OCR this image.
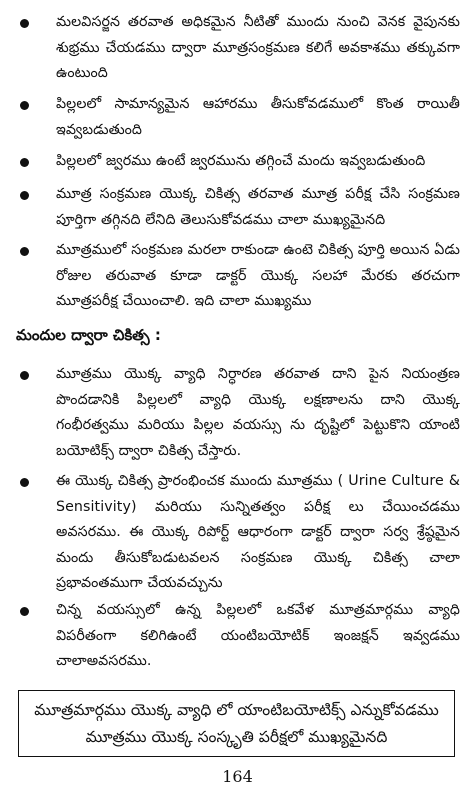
మలవిసర్జన తరవాత అధికమైన నీటితో ముందు నుంచి వెనక వైపునకు శుభ్రము చేయడము ద్వారా మూత్రసంక్రమణ కలిగే అవకాశము తక్కువగా ఉంటుంది
పిల్లలలో సామాన్యమైన ఆహారము తీసుకోవడములో కొంత రాయితీ ఇవ్వబడుతుంది
పిల్లలలో జ్వరము ఉంటే జ్వరమును తగ్గించే మందు ఇవ్వబడుతుంది
మూత్ర సంక్రమణ యొక్క చికిత్స తరవాత మూత్ర పరీక్ష చేసి సంక్రమణ పూర్తిగా తగ్గినది లేనిది తెలుసుకోవడము చాలా ముఖ్యమైనది
మూత్రములో సంక్రమణ మరలా రాకుండా ఉంటె చికిత్స పూర్తి అయిన ఏడు రోజుల తరువాత కూడా డాక్టర్ యొక్క సలహా మేరకు తరచుగా మూత్రపరీక్ష చేయించాలి. ఇది చాలా ముఖ్యము
మందుల ద్వారా చికిత్స :
మూత్రము యొక్క వ్యాధి నిర్ధారణ తరవాత దాని పైన నియంత్రణ పొందడానికి పిల్లలలో వ్యాధి యొక్క లక్షణాలను దాని యొక్క గంభీరత్వము మరియు పిల్లల వయస్సు ను దృష్టిలో పెట్టుకొని యాంటి బయోటిక్స్ ద్వారా చికిత్స చేస్తారు.
ఈ యొక్క చికిత్స ప్రారంభించక ముందు మూత్రము ( Urine Culture & Sensitivity) మరియు సున్నితత్వం పరీక్ష లు చేయించడము అవసరము. ఈ యొక్క రిపోర్ట్ ఆధారంగా డాక్టర్ ద్వారా సర్వ శ్రేష్ఠమైన మందు తీసుకోబడుటవలన సంక్రమణ యొక్క చికిత్స చాలా ప్రభావంతముగా చేయవచ్చును
చిన్న వయస్సులో ఉన్న పిల్లలలో ఒకవేళ మూత్రమార్గము వ్యాధి విపరీతంగా కలిగిఉంటే యంటిబయోటిక్ ఇంజక్షన్ ఇవ్వడము చాలాఅవసరము.
మూత్రమార్గము యొక్క వ్యాధి లో యాంటిబయోటిక్స్ ఎన్నుకోవడము మూత్రము యొక్క సంస్కృతి పరీక్షలో ముఖ్యమైనది
164
